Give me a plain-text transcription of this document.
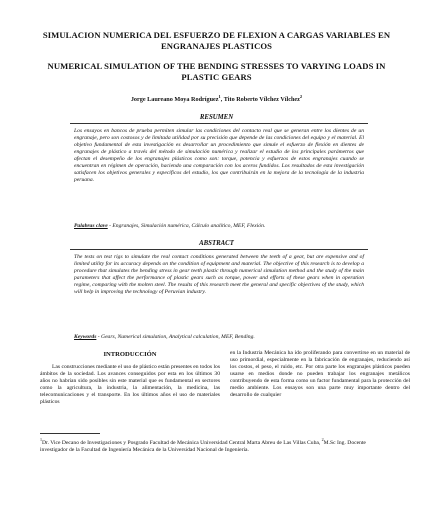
SIMULACION NUMERICA DEL ESFUERZO DE FLEXION A CARGAS VARIABLES EN ENGRANAJES PLASTICOS
NUMERICAL SIMULATION OF THE BENDING STRESSES TO VARYING LOADS IN PLASTIC GEARS
Jorge Laureano Moya Rodríguez$^1$, Tito Roberto Vílchez Vílchez$^2$
RESUMEN
Los ensayos en bancos de prueba permiten simular las condiciones del contacto real que se generan entre los dientes de un engranaje, pero son costosos y de limitada utilidad por su precisión que depende de las condiciones del equipo y el material. El objetivo fundamental de esta investigación es desarrollar un procedimiento que simule el esfuerzo de flexión en dientes de engranajes de plástico a través del método de simulación numérica y realizar el estudio de los principales parámetros que afectan el desempeño de los engranajes plásticos como son: torque, potencia y esfuerzos de estos engranajes cuando se encuentran en régimen de operación, haciendo una comparación con los aceros fundidos. Los resultados de esta investigación satisfacen los objetivos generales y específicos del estudio, los que contribuirán en la mejora de la tecnología de la industria peruana.
Palabras clave - Engranajes, Simulación numérica, Cálculo analítico, MEF, Flexión.
ABSTRACT
The tests on test rigs to simulate the real contact conditions generated between the teeth of a gear, but are expensive and of limited utility for its accuracy depends on the condition of equipment and material. The objective of this research is to develop a procedure that simulates the bending stress in gear teeth plastic through numerical simulation method and the study of the main parameters that affect the performance of plastic gears such as torque, power and efforts of these gears when in operation regime, comparing with the molten steel. The results of this research meet the general and specific objectives of the study, which will help in improving the technology of Peruvian industry.
Keywords - Gears, Numerical simulation, Analytical calculation, MEF, Bending.
INTRODUCCIÓN
Las construcciones mediante el uso de plástico están presentes en todos los ámbitos de la sociedad. Los avances conseguidos por esta en los últimos 30 años no habrían sido posibles sin este material que es fundamental en sectores como la agricultura, la industria, la alimentación, la medicina, las telecomunicaciones y el transporte. En los últimos años el uso de materiales plásticos
en la Industria Mecánica ha ido proliferando para convertirse en un material de uso primordial, especialmente en la fabricación de engranajes, reduciendo así los costos, el peso, el ruido, etc. Por otra parte los engranajes plásticos pueden usarse en medios donde no pueden trabajar los engranajes metálicos contribuyendo de esta forma como un factor fundamental para la protección del medio ambiente. Los ensayos son una parte muy importante dentro del desarrollo de cualquier
$^1$Dr. Vice Decano de Investigaciones y Posgrado Facultad de Mecánica Universidad Central Marta Abreu de Las Villas Cuba, $^2$M.Sc Ing. Docente investigador de la Facultad de Ingeniería Mecánica de la Universidad Nacional de Ingeniería.
